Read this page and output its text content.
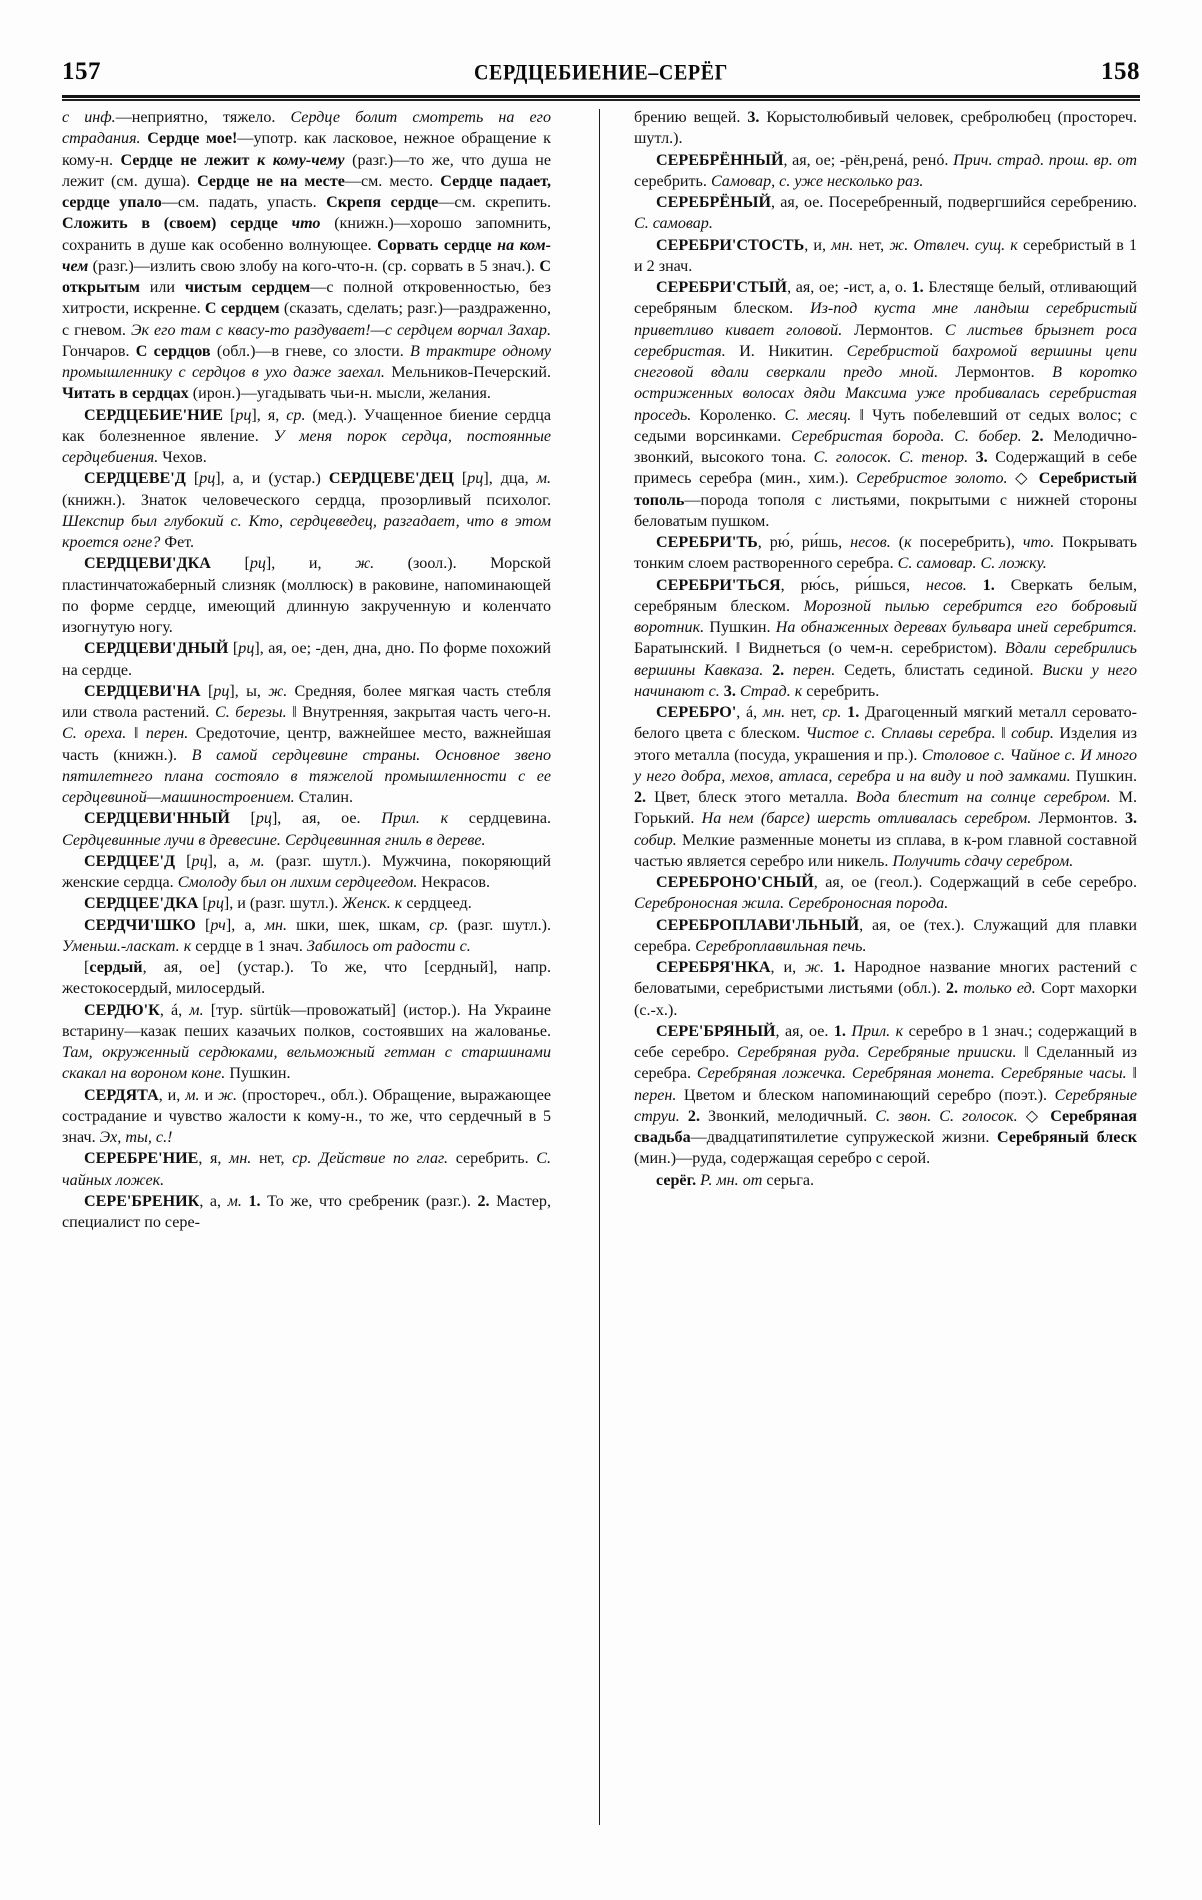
157	СЕРДЦЕБИЕНИЕ–СЕРЁГ	158

с инф.—неприятно, тяжело. Сердце болит смотреть на его страдания. Сердце мое!—употр. как ласковое, нежное обращение к кому-н. Сердце не лежит к кому-чему (разг.)—то же, что душа не лежит (см. душа). Сердце не на месте—см. место. Сердце падает, сердце упало—см. падать, упасть. Скрепя сердце—см. скрепить. Сложить в (своем) сердце что (книжн.)—хорошо запомнить, сохранить в душе как особенно волнующее. Сорвать сердце на ком-чем (разг.)—излить свою злобу на кого-что-н. (ср. сорвать в 5 знач.). С открытым или чистым сердцем—с полной откровенностью, без хитрости, искренне. С сердцем (сказать, сделать; разг.)—раздраженно, с гневом. Эк его там с квасу-то раздувает!—с сердцем ворчал Захар. Гончаров. С сердцов (обл.)—в гневе, со злости. В трактире одному промышленнику с сердцов в ухо даже заехал. Мельников-Печерский. Читать в сердцах (ирон.)—угадывать чьи-н. мысли, желания.

СЕРДЦЕБИЕ'НИЕ [рц], я, ср. (мед.). Учащенное биение сердца как болезненное явление. У меня порок сердца, постоянные сердцебиения. Чехов.

СЕРДЦЕВЕ'Д [рц], а, и (устар.) СЕРДЦЕВЕ'ДЕЦ [рц], дца, м. (книжн.). Знаток человеческого сердца, прозорливый психолог. Шекспир был глубокий с. Кто, сердцеведец, разгадает, что в этом кроется огне? Фет.

СЕРДЦЕВИ'ДКА [рц], и, ж. (зоол.). Морской пластинчатожаберный слизняк (моллюск) в раковине, напоминающей по форме сердце, имеющий длинную закрученную и коленчато изогнутую ногу.

СЕРДЦЕВИ'ДНЫЙ [рц], ая, ое; -ден, дна, дно. По форме похожий на сердце.

СЕРДЦЕВИ'НА [рц], ы, ж. Средняя, более мягкая часть стебля или ствола растений. С. березы. ‖ Внутренняя, закрытая часть чего-н. С. ореха. ‖ перен. Средоточие, центр, важнейшее место, важнейшая часть (книжн.). В самой сердцевине страны. Основное звено пятилетнего плана состояло в тяжелой промышленности с ее сердцевиной—машиностроением. Сталин.

СЕРДЦЕВИ'ННЫЙ [рц], ая, ое. Прил. к сердцевина. Сердцевинные лучи в древесине. Сердцевинная гниль в дереве.

СЕРДЦЕЕ'Д [рц], а, м. (разг. шутл.). Мужчина, покоряющий женские сердца. Смолоду был он лихим сердцеедом. Некрасов.

СЕРДЦЕЕ'ДКА [рц], и (разг. шутл.). Женск. к сердцеед.

СЕРДЧИ'ШКО [рч], а, мн. шки, шек, шкам, ср. (разг. шутл.). Уменьш.-ласкат. к сердце в 1 знач. Забилось от радости с.

[сердый, ая, ое] (устар.). То же, что [сердный], напр. жестокосердый, милосердый.

СЕРДЮ'К, á, м. [тур. sürtük—провожатый] (истор.). На Украине встарину—казак пеших казачьих полков, состоявших на жалованье. Там, окруженный сердюками, вельможный гетман с старшинами скакал на вороном коне. Пушкин.

СЕРДЯТА, и, м. и ж. (простореч., обл.). Обращение, выражающее сострадание и чувство жалости к кому-н., то же, что сердечный в 5 знач. Эх, ты, с.!

СЕРЕБРЕ'НИЕ, я, мн. нет, ср. Действие по глаг. серебрить. С. чайных ложек.

СЕРЕ'БРЕНИК, а, м. 1. То же, что сребреник (разг.). 2. Мастер, специалист по сере-

брению вещей. 3. Корыстолюбивый человек, сребролюбец (простореч. шутл.).

СЕРЕБРЁННЫЙ, ая, ое; -рён,ренá, ренó. Прич. страд. прош. вр. от серебрить. Самовар, с. уже несколько раз.

СЕРЕБРЁНЫЙ, ая, ое. Посеребренный, подвергшийся серебрению. С. самовар.

СЕРЕБРИ'СТОСТЬ, и, мн. нет, ж. Отвлеч. сущ. к серебристый в 1 и 2 знач.

СЕРЕБРИ'СТЫЙ, ая, ое; -ист, а, о. 1. Блестяще белый, отливающий серебряным блеском. Из-под куста мне ландыш серебристый приветливо кивает головой. Лермонтов. С листьев брызнет роса серебристая. И. Никитин. Серебристой бахромой вершины цепи снеговой вдали сверкали предо мной. Лермонтов. В коротко остриженных волосах дяди Максима уже пробивалась серебристая проседь. Короленко. С. месяц. ‖ Чуть побелевший от седых волос; с седыми ворсинками. Серебристая борода. С. бобер. 2. Мелодично-звонкий, высокого тона. С. голосок. С. тенор. 3. Содержащий в себе примесь серебра (мин., хим.). Серебристое золото. ◇ Серебристый тополь—порода тополя с листьями, покрытыми с нижней стороны беловатым пушком.

СЕРЕБРИ'ТЬ, рю́, ри́шь, несов. (к посеребрить), что. Покрывать тонким слоем растворенного серебра. С. самовар. С. ложку.

СЕРЕБРИ'ТЬСЯ, рю́сь, ри́шься, несов. 1. Сверкать белым, серебряным блеском. Морозной пылью серебрится его бобровый воротник. Пушкин. На обнаженных деревах бульвара иней серебрится. Баратынский. ‖ Виднеться (о чем-н. серебристом). Вдали серебрились вершины Кавказа. 2. перен. Седеть, блистать сединой. Виски у него начинают с. 3. Страд. к серебрить.

СЕРЕБРО', á, мн. нет, ср. 1. Драгоценный мягкий металл серовато-белого цвета с блеском. Чистое с. Сплавы серебра. ‖ собир. Изделия из этого металла (посуда, украшения и пр.). Столовое с. Чайное с. И много у него добра, мехов, атласа, серебра и на виду и под замками. Пушкин. 2. Цвет, блеск этого металла. Вода блестит на солнце серебром. М. Горький. На нем (барсе) шерсть отливалась серебром. Лермонтов. 3. собир. Мелкие разменные монеты из сплава, в к-ром главной составной частью является серебро или никель. Получить сдачу серебром.

СЕРЕБРОНО'СНЫЙ, ая, ое (геол.). Содержащий в себе серебро. Сереброносная жила. Сереброносная порода.

СЕРЕБРОПЛАВИ'ЛЬНЫЙ, ая, ое (тех.). Служащий для плавки серебра. Сереброплавильная печь.

СЕРЕБРЯ'НКА, и, ж. 1. Народное название многих растений с беловатыми, серебристыми листьями (обл.). 2. только ед. Сорт махорки (с.-х.).

СЕРЕ'БРЯНЫЙ, ая, ое. 1. Прил. к серебро в 1 знач.; содержащий в себе серебро. Серебряная руда. Серебряные прииски. ‖ Сделанный из серебра. Серебряная ложечка. Серебряная монета. Серебряные часы. ‖ перен. Цветом и блеском напоминающий серебро (поэт.). Серебряные струи. 2. Звонкий, мелодичный. С. звон. С. голосок. ◇ Серебряная свадьба—двадцатипятилетие супружеской жизни. Серебряный блеск (мин.)—руда, содержащая серебро с серой.

серёг. Р. мн. от серьга.
